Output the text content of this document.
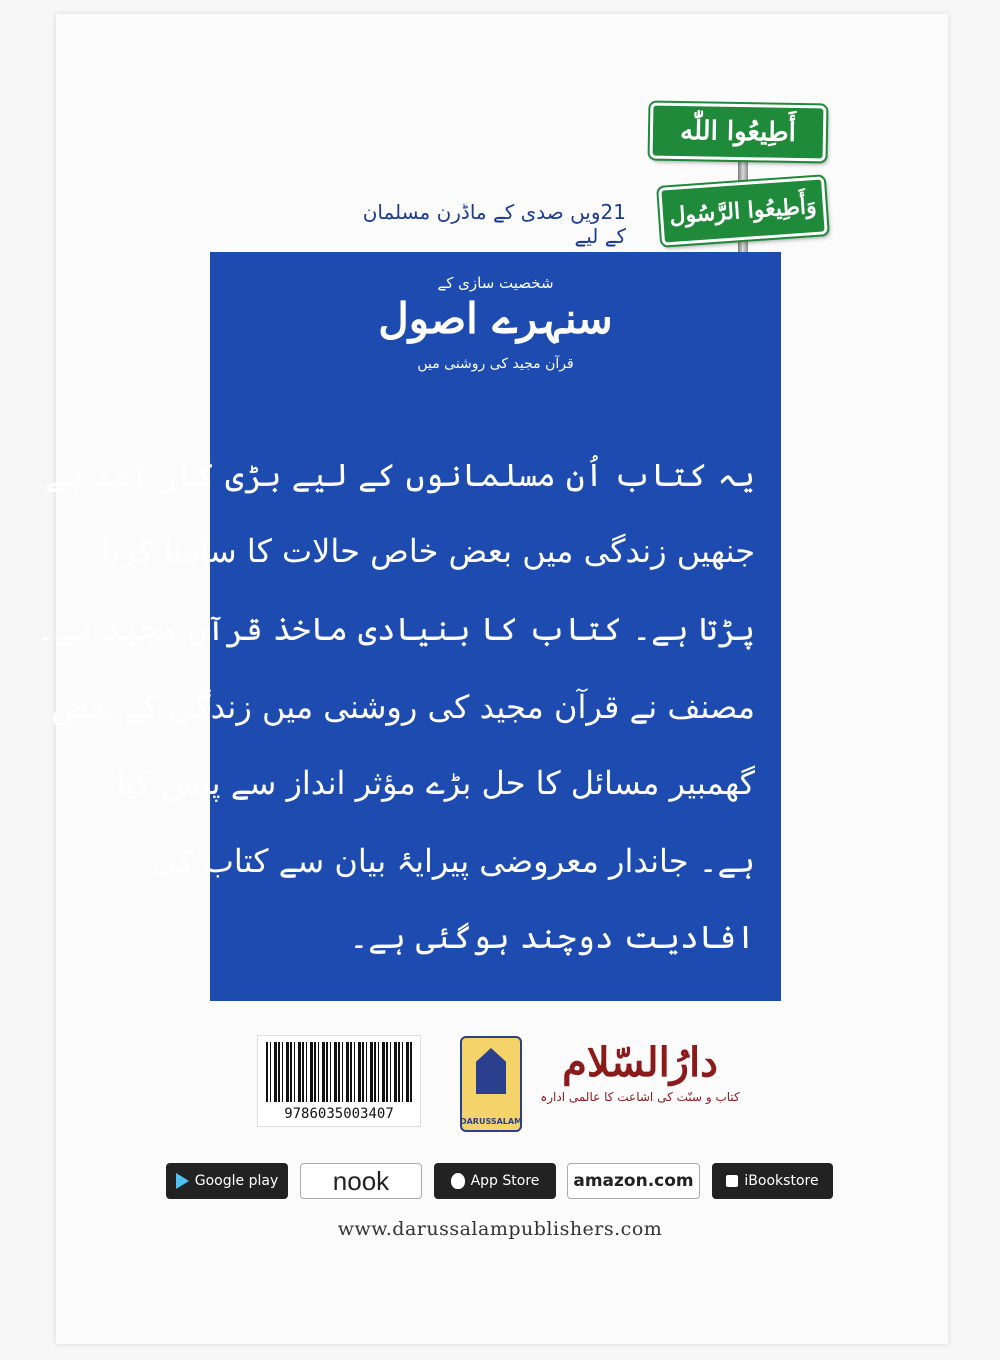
أَطِيعُوا اللّٰه
وَأَطِيعُوا الرَّسُول
21ویں صدی کے ماڈرن مسلمان کے لیے
شخصیت سازی کے
سنہرے اصول
قرآن مجید کی روشنی میں
یہ کتاب اُن مسلمانوں کے لیے بڑی کار آمد ہے
جنھیں زندگی میں بعض خاص حالات کا سامنا کرنا
پڑتا ہے۔ کتاب کا بنیادی ماخذ قرآنِ مجید ہے۔
مصنف نے قرآن مجید کی روشنی میں زندگی کے بعض
گھمبیر مسائل کا حل بڑے مؤثر انداز سے پیش کیا
ہے۔ جاندار معروضی پیرایۂ بیان سے کتاب کی
افادیت دوچند ہوگئی ہے۔
9786035003407	DARUSSALAM
دارُالسّلام
کتاب و سنّت کی اشاعت کا عالمی ادارہ
Google play nook	App Store amazon.com	iBookstore
www.darussalampublishers.com
